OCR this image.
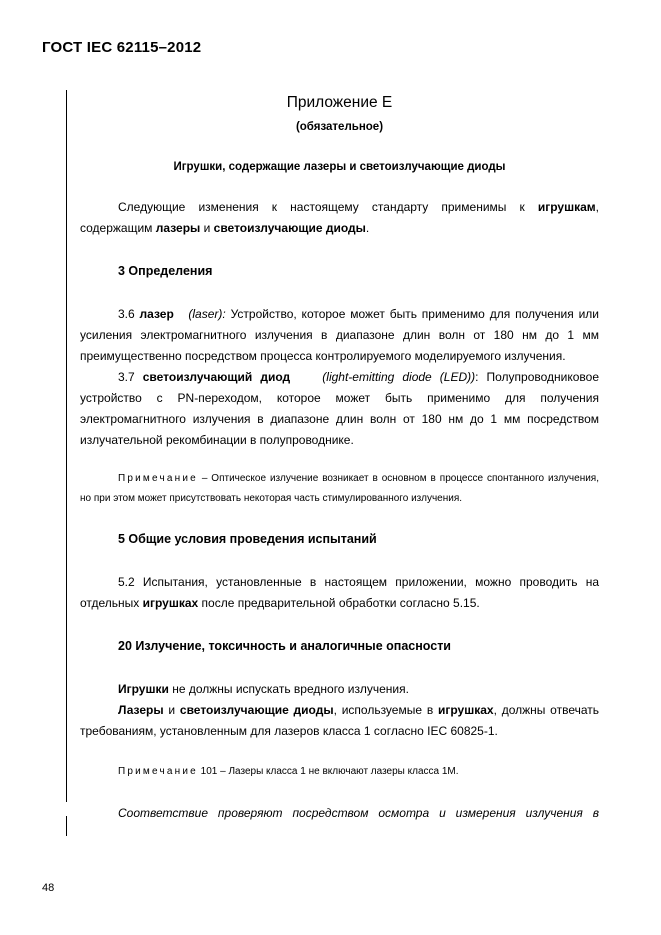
ГОСТ IEC 62115–2012

Приложение Е

(обязательное)

Игрушки, содержащие лазеры и светоизлучающие диоды

Следующие изменения к настоящему стандарту применимы к игрушкам, содержащим лазеры и светоизлучающие диоды.

3 Определения

3.6 лазер (laser): Устройство, которое может быть применимо для получения или усиления электромагнитного излучения в диапазоне длин волн от 180 нм до 1 мм преимущественно посредством процесса контролируемого моделируемого излучения.

3.7 светоизлучающий диод	(light-emitting diode (LED)): Полупроводниковое устройство с PN-переходом, которое может быть применимо для получения электромагнитного излучения в диапазоне длин волн от 180 нм до 1 мм посредством излучательной рекомбинации в полупроводнике.

Примечание – Оптическое излучение возникает в основном в процессе спонтанного излучения, но при этом может присутствовать некоторая часть стимулированного излучения.

5 Общие условия проведения испытаний

5.2 Испытания, установленные в настоящем приложении, можно проводить на отдельных игрушках после предварительной обработки согласно 5.15.

20 Излучение, токсичность и аналогичные опасности

Игрушки не должны испускать вредного излучения.

Лазеры и светоизлучающие диоды, используемые в игрушках, должны отвечать требованиям, установленным для лазеров класса 1 согласно IEC 60825-1.

Примечание 101 – Лазеры класса 1 не включают лазеры класса 1М.

Соответствие проверяют посредством осмотра и измерения излучения в

48
